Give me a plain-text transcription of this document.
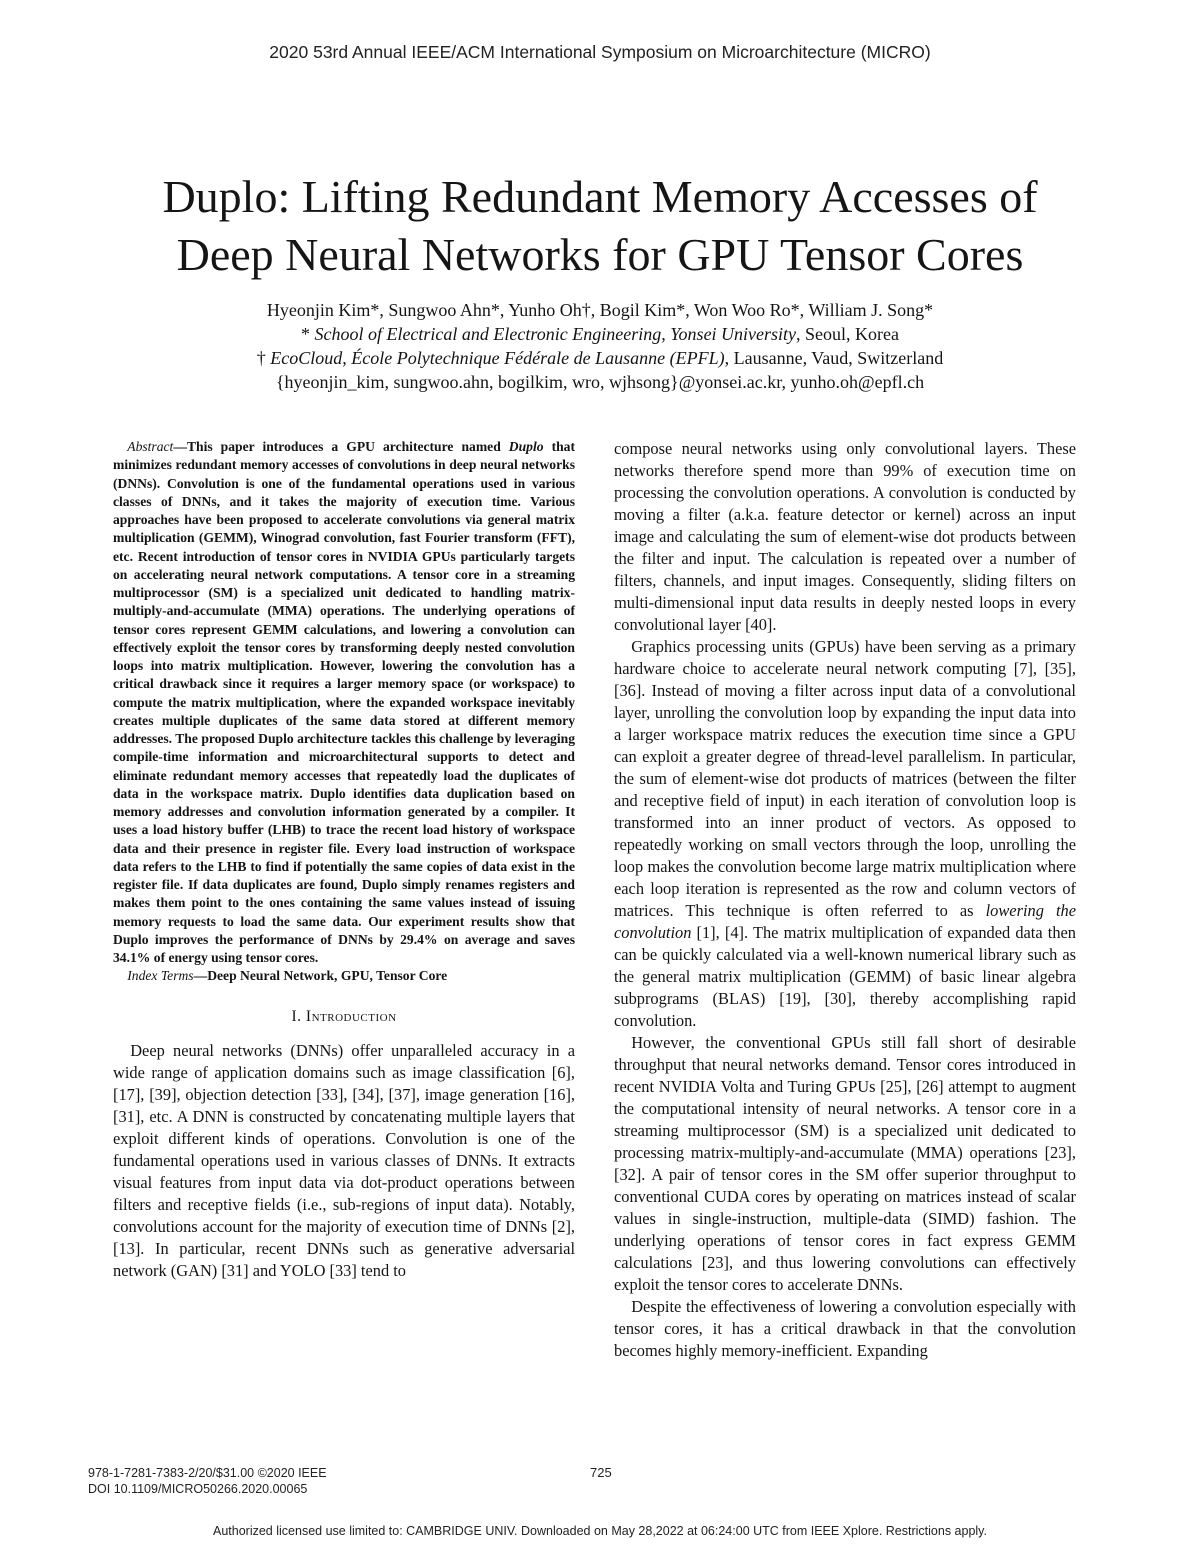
2020 53rd Annual IEEE/ACM International Symposium on Microarchitecture (MICRO)
Duplo: Lifting Redundant Memory Accesses of
Deep Neural Networks for GPU Tensor Cores
Hyeonjin Kim*, Sungwoo Ahn*, Yunho Oh†, Bogil Kim*, Won Woo Ro*, William J. Song*
* School of Electrical and Electronic Engineering, Yonsei University, Seoul, Korea
† EcoCloud, École Polytechnique Fédérale de Lausanne (EPFL), Lausanne, Vaud, Switzerland
{hyeonjin_kim, sungwoo.ahn, bogilkim, wro, wjhsong}@yonsei.ac.kr, yunho.oh@epfl.ch

Abstract—This paper introduces a GPU architecture named Duplo that minimizes redundant memory accesses of convolutions in deep neural networks (DNNs). Convolution is one of the fundamental operations used in various classes of DNNs, and it takes the majority of execution time. Various approaches have been proposed to accelerate convolutions via general matrix multiplication (GEMM), Winograd convolution, fast Fourier transform (FFT), etc. Recent introduction of tensor cores in NVIDIA GPUs particularly targets on accelerating neural network computations. A tensor core in a streaming multiprocessor (SM) is a specialized unit dedicated to handling matrix-multiply-and-accumulate (MMA) operations. The underlying operations of tensor cores represent GEMM calculations, and lowering a convolution can effectively exploit the tensor cores by transforming deeply nested convolution loops into matrix multiplication. However, lowering the convolution has a critical drawback since it requires a larger memory space (or workspace) to compute the matrix multiplication, where the expanded workspace inevitably creates multiple duplicates of the same data stored at different memory addresses. The proposed Duplo architecture tackles this challenge by leveraging compile-time information and microarchitectural supports to detect and eliminate redundant memory accesses that repeatedly load the duplicates of data in the workspace matrix. Duplo identifies data duplication based on memory addresses and convolution information generated by a compiler. It uses a load history buffer (LHB) to trace the recent load history of workspace data and their presence in register file. Every load instruction of workspace data refers to the LHB to find if potentially the same copies of data exist in the register file. If data duplicates are found, Duplo simply renames registers and makes them point to the ones containing the same values instead of issuing memory requests to load the same data. Our experiment results show that Duplo improves the performance of DNNs by 29.4% on average and saves 34.1% of energy using tensor cores.

Index Terms—Deep Neural Network, GPU, Tensor Core

I. Introduction

Deep neural networks (DNNs) offer unparalleled accuracy in a wide range of application domains such as image classification [6], [17], [39], objection detection [33], [34], [37], image generation [16], [31], etc. A DNN is constructed by concatenating multiple layers that exploit different kinds of operations. Convolution is one of the fundamental operations used in various classes of DNNs. It extracts visual features from input data via dot-product operations between filters and receptive fields (i.e., sub-regions of input data). Notably, convolutions account for the majority of execution time of DNNs [2], [13]. In particular, recent DNNs such as generative adversarial network (GAN) [31] and YOLO [33] tend to

compose neural networks using only convolutional layers. These networks therefore spend more than 99% of execution time on processing the convolution operations. A convolution is conducted by moving a filter (a.k.a. feature detector or kernel) across an input image and calculating the sum of element-wise dot products between the filter and input. The calculation is repeated over a number of filters, channels, and input images. Consequently, sliding filters on multi-dimensional input data results in deeply nested loops in every convolutional layer [40].

Graphics processing units (GPUs) have been serving as a primary hardware choice to accelerate neural network computing [7], [35], [36]. Instead of moving a filter across input data of a convolutional layer, unrolling the convolution loop by expanding the input data into a larger workspace matrix reduces the execution time since a GPU can exploit a greater degree of thread-level parallelism. In particular, the sum of element-wise dot products of matrices (between the filter and receptive field of input) in each iteration of convolution loop is transformed into an inner product of vectors. As opposed to repeatedly working on small vectors through the loop, unrolling the loop makes the convolution become large matrix multiplication where each loop iteration is represented as the row and column vectors of matrices. This technique is often referred to as lowering the convolution [1], [4]. The matrix multiplication of expanded data then can be quickly calculated via a well-known numerical library such as the general matrix multiplication (GEMM) of basic linear algebra subprograms (BLAS) [19], [30], thereby accomplishing rapid convolution.

However, the conventional GPUs still fall short of desirable throughput that neural networks demand. Tensor cores introduced in recent NVIDIA Volta and Turing GPUs [25], [26] attempt to augment the computational intensity of neural networks. A tensor core in a streaming multiprocessor (SM) is a specialized unit dedicated to processing matrix-multiply-and-accumulate (MMA) operations [23], [32]. A pair of tensor cores in the SM offer superior throughput to conventional CUDA cores by operating on matrices instead of scalar values in single-instruction, multiple-data (SIMD) fashion. The underlying operations of tensor cores in fact express GEMM calculations [23], and thus lowering convolutions can effectively exploit the tensor cores to accelerate DNNs.

Despite the effectiveness of lowering a convolution especially with tensor cores, it has a critical drawback in that the convolution becomes highly memory-inefficient. Expanding

978-1-7281-7383-2/20/$31.00 ©2020 IEEE
DOI 10.1109/MICRO50266.2020.00065
725
Authorized licensed use limited to: CAMBRIDGE UNIV. Downloaded on May 28,2022 at 06:24:00 UTC from IEEE Xplore. Restrictions apply.
